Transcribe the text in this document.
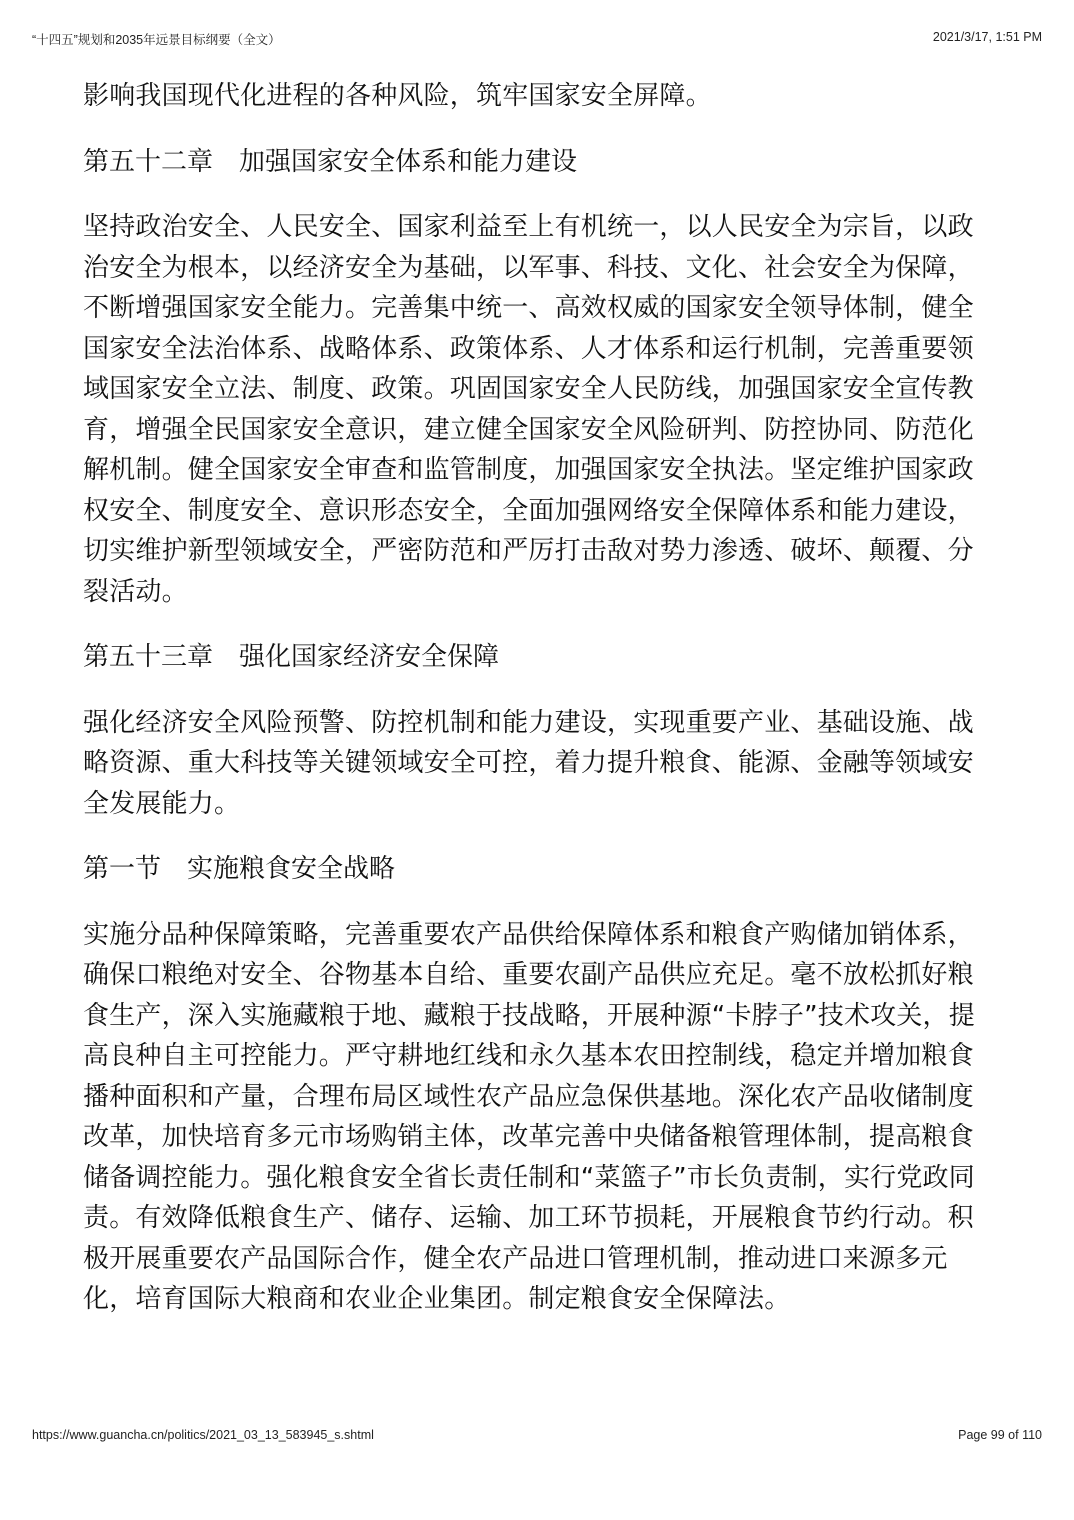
“十四五”规划和2035年远景目标纲要（全文）	2021/3/17, 1:51 PM

影响我国现代化进程的各种风险，筑牢国家安全屏障。

第五十二章　加强国家安全体系和能力建设

坚持政治安全、人民安全、国家利益至上有机统一，以人民安全为宗旨，以政治安全为根本，以经济安全为基础，以军事、科技、文化、社会安全为保障，不断增强国家安全能力。完善集中统一、高效权威的国家安全领导体制，健全国家安全法治体系、战略体系、政策体系、人才体系和运行机制，完善重要领域国家安全立法、制度、政策。巩固国家安全人民防线，加强国家安全宣传教育，增强全民国家安全意识，建立健全国家安全风险研判、防控协同、防范化解机制。健全国家安全审查和监管制度，加强国家安全执法。坚定维护国家政权安全、制度安全、意识形态安全，全面加强网络安全保障体系和能力建设，切实维护新型领域安全，严密防范和严厉打击敌对势力渗透、破坏、颠覆、分裂活动。

第五十三章　强化国家经济安全保障

强化经济安全风险预警、防控机制和能力建设，实现重要产业、基础设施、战略资源、重大科技等关键领域安全可控，着力提升粮食、能源、金融等领域安全发展能力。

第一节　实施粮食安全战略

实施分品种保障策略，完善重要农产品供给保障体系和粮食产购储加销体系，确保口粮绝对安全、谷物基本自给、重要农副产品供应充足。毫不放松抓好粮食生产，深入实施藏粮于地、藏粮于技战略，开展种源“卡脖子”技术攻关，提高良种自主可控能力。严守耕地红线和永久基本农田控制线，稳定并增加粮食播种面积和产量，合理布局区域性农产品应急保供基地。深化农产品收储制度改革，加快培育多元市场购销主体，改革完善中央储备粮管理体制，提高粮食储备调控能力。强化粮食安全省长责任制和“菜篮子”市长负责制，实行党政同责。有效降低粮食生产、储存、运输、加工环节损耗，开展粮食节约行动。积极开展重要农产品国际合作，健全农产品进口管理机制，推动进口来源多元化，培育国际大粮商和农业企业集团。制定粮食安全保障法。

https://www.guancha.cn/politics/2021_03_13_583945_s.shtml	Page 99 of 110
